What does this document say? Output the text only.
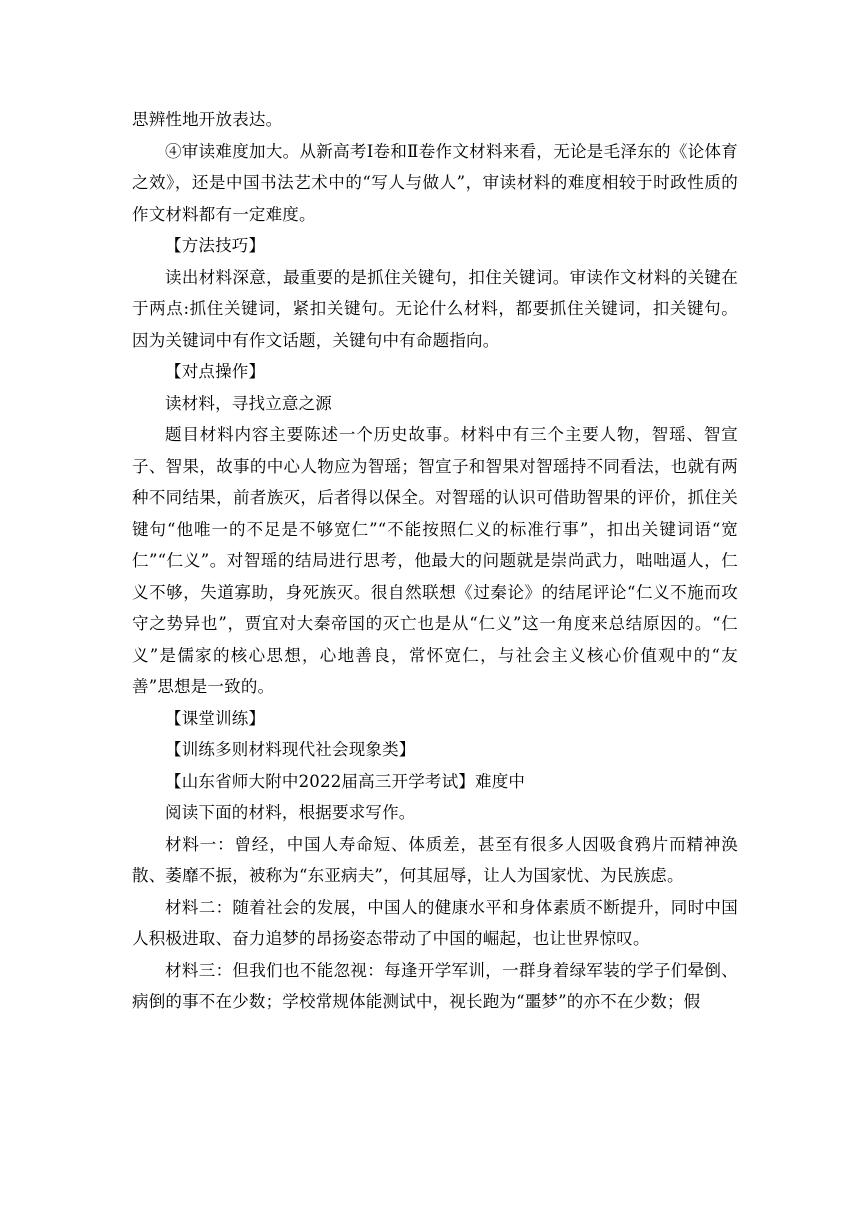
思辨性地开放表达。

④审读难度加大。从新高考Ⅰ卷和Ⅱ卷作文材料来看，无论是毛泽东的《论体育之效》，还是中国书法艺术中的“写人与做人”，审读材料的难度相较于时政性质的作文材料都有一定难度。

【方法技巧】

读出材料深意，最重要的是抓住关键句，扣住关键词。审读作文材料的关键在于两点:抓住关键词，紧扣关键句。无论什么材料，都要抓住关键词，扣关键句。因为关键词中有作文话题，关键句中有命题指向。

【对点操作】

读材料，寻找立意之源

题目材料内容主要陈述一个历史故事。材料中有三个主要人物，智瑶、智宣子、智果，故事的中心人物应为智瑶；智宣子和智果对智瑶持不同看法，也就有两种不同结果，前者族灭，后者得以保全。对智瑶的认识可借助智果的评价，抓住关键句“他唯一的不足是不够宽仁”“不能按照仁义的标准行事”，扣出关键词语“宽仁”“仁义”。对智瑶的结局进行思考，他最大的问题就是崇尚武力，咄咄逼人，仁义不够，失道寡助，身死族灭。很自然联想《过秦论》的结尾评论“仁义不施而攻守之势异也”，贾宜对大秦帝国的灭亡也是从“仁义”这一角度来总结原因的。“仁义”是儒家的核心思想，心地善良，常怀宽仁，与社会主义核心价值观中的“友善”思想是一致的。

【课堂训练】

【训练多则材料现代社会现象类】

【山东省师大附中2022届高三开学考试】难度中

阅读下面的材料，根据要求写作。

材料一：曾经，中国人寿命短、体质差，甚至有很多人因吸食鸦片而精神涣散、萎靡不振，被称为“东亚病夫”，何其屈辱，让人为国家忧、为民族虑。

材料二：随着社会的发展，中国人的健康水平和身体素质不断提升，同时中国人积极进取、奋力追梦的昂扬姿态带动了中国的崛起，也让世界惊叹。

材料三：但我们也不能忽视：每逢开学军训，一群身着绿军装的学子们晕倒、病倒的事不在少数；学校常规体能测试中，视长跑为“噩梦”的亦不在少数；假
